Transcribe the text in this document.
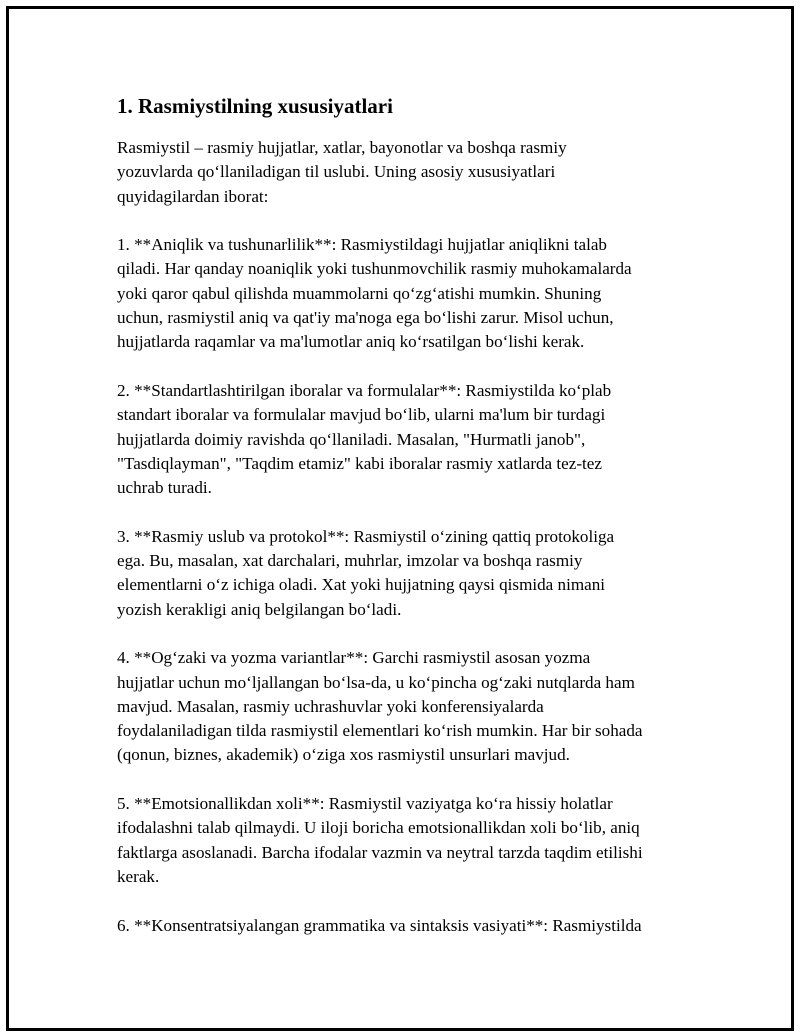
1. Rasmiystilning xususiyatlari
Rasmiystil – rasmiy hujjatlar, xatlar, bayonotlar va boshqa rasmiy
yozuvlarda qo‘llaniladigan til uslubi. Uning asosiy xususiyatlari
quyidagilardan iborat:
1. **Aniqlik va tushunarlilik**: Rasmiystildagi hujjatlar aniqlikni talab
qiladi. Har qanday noaniqlik yoki tushunmovchilik rasmiy muhokamalarda
yoki qaror qabul qilishda muammolarni qo‘zg‘atishi mumkin. Shuning
uchun, rasmiystil aniq va qat'iy ma'noga ega bo‘lishi zarur. Misol uchun,
hujjatlarda raqamlar va ma'lumotlar aniq ko‘rsatilgan bo‘lishi kerak.
2. **Standartlashtirilgan iboralar va formulalar**: Rasmiystilda ko‘plab
standart iboralar va formulalar mavjud bo‘lib, ularni ma'lum bir turdagi
hujjatlarda doimiy ravishda qo‘llaniladi. Masalan, "Hurmatli janob",
"Tasdiqlayman", "Taqdim etamiz" kabi iboralar rasmiy xatlarda tez-tez
uchrab turadi.
3. **Rasmiy uslub va protokol**: Rasmiystil o‘zining qattiq protokoliga
ega. Bu, masalan, xat darchalari, muhrlar, imzolar va boshqa rasmiy
elementlarni o‘z ichiga oladi. Xat yoki hujjatning qaysi qismida nimani
yozish kerakligi aniq belgilangan bo‘ladi.
4. **Og‘zaki va yozma variantlar**: Garchi rasmiystil asosan yozma
hujjatlar uchun mo‘ljallangan bo‘lsa-da, u ko‘pincha og‘zaki nutqlarda ham
mavjud. Masalan, rasmiy uchrashuvlar yoki konferensiyalarda
foydalaniladigan tilda rasmiystil elementlari ko‘rish mumkin. Har bir sohada
(qonun, biznes, akademik) o‘ziga xos rasmiystil unsurlari mavjud.
5. **Emotsionallikdan xoli**: Rasmiystil vaziyatga ko‘ra hissiy holatlar
ifodalashni talab qilmaydi. U iloji boricha emotsionallikdan xoli bo‘lib, aniq
faktlarga asoslanadi. Barcha ifodalar vazmin va neytral tarzda taqdim etilishi
kerak.
6. **Konsentratsiyalangan grammatika va sintaksis vasiyati**: Rasmiystilda
